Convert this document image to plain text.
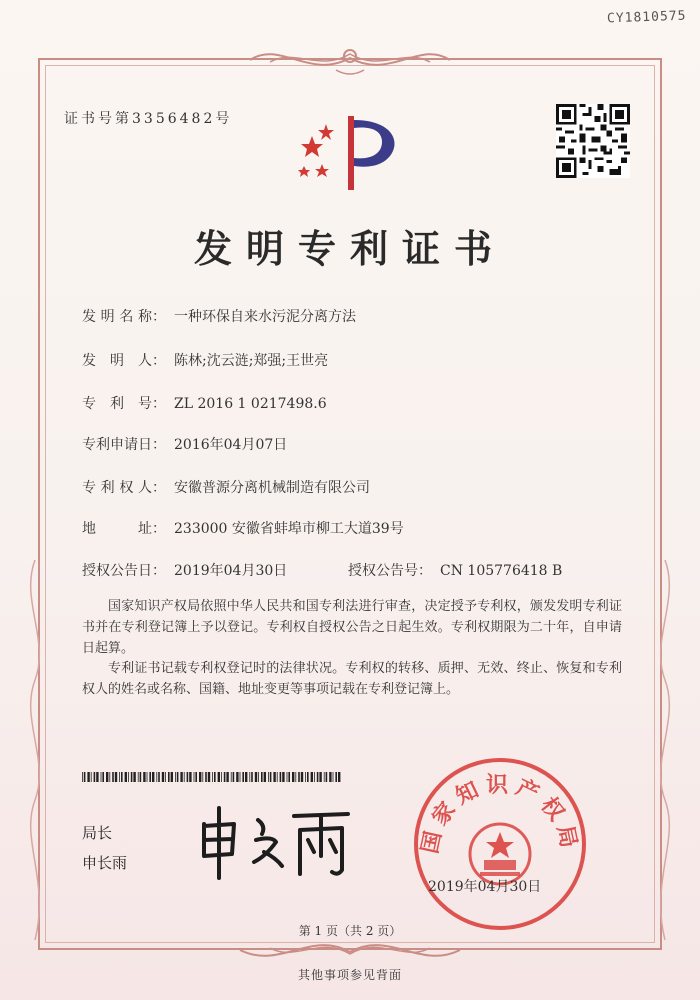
CY1810575
证书号第3356482号
发明专利证书
发 明 名 称： 一种环保自来水污泥分离方法
发 明 人： 陈林;沈云涟;郑强;王世亮
专 利 号： ZL 2016 1 0217498.6
专利申请日： 2016年04月07日
专 利 权 人： 安徽普源分离机械制造有限公司
地	址： 233000 安徽省蚌埠市柳工大道39号
授权公告日： 2019年04月30日	授权公告号： CN 105776418 B
国家知识产权局依照中华人民共和国专利法进行审查，决定授予专利权，颁发发明专利证书并在专利登记簿上予以登记。专利权自授权公告之日起生效。专利权期限为二十年，自申请日起算。
专利证书记载专利权登记时的法律状况。专利权的转移、质押、无效、终止、恢复和专利权人的姓名或名称、国籍、地址变更等事项记载在专利登记簿上。
局长
申长雨
国家知识产权局
2019年04月30日
第 1 页（共 2 页）
其他事项参见背面
